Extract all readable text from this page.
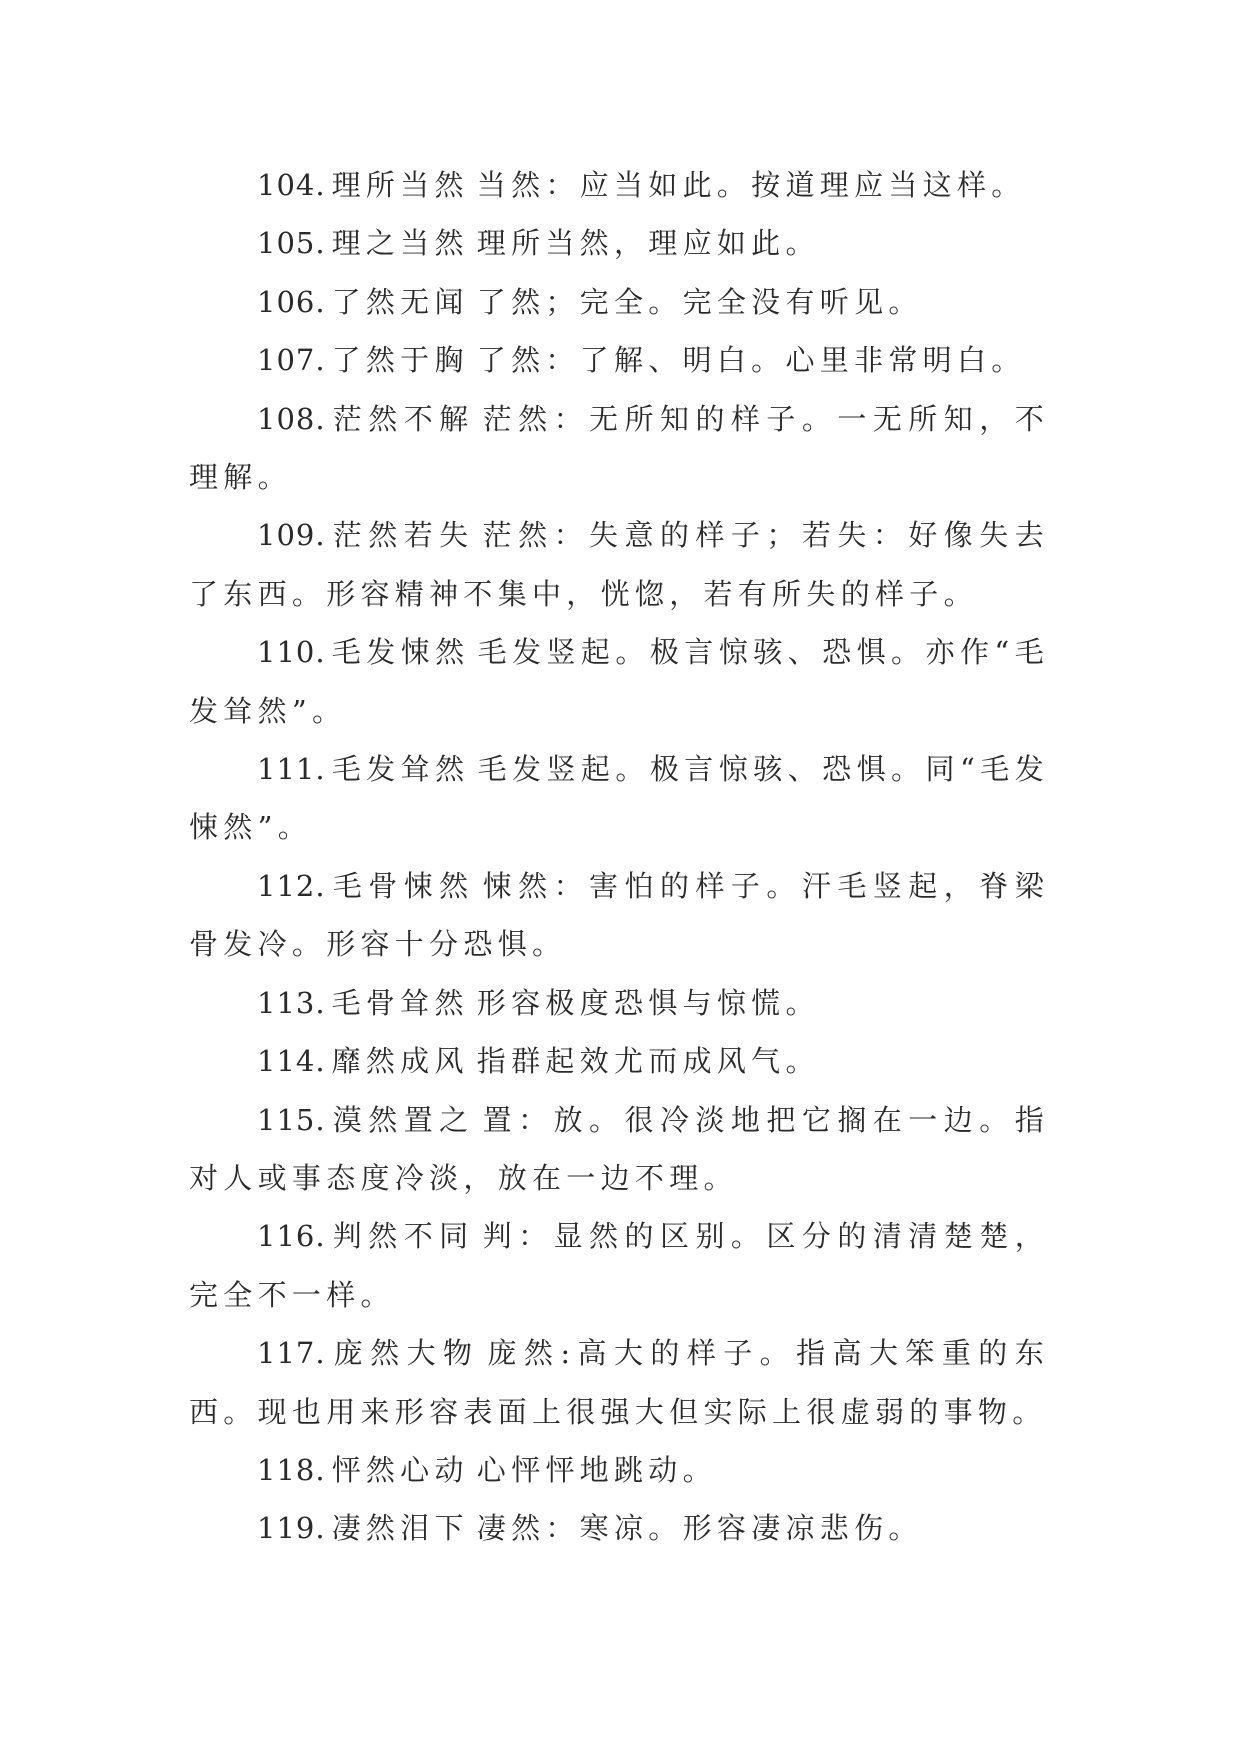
104. 理所当然 当然：应当如此。按道理应当这样。

105. 理之当然 理所当然，理应如此。

106. 了然无闻 了然；完全。完全没有听见。

107. 了然于胸 了然：了解、明白。心里非常明白。

108. 茫然不解 茫然：无所知的样子。一无所知，不理解。

109. 茫然若失 茫然：失意的样子；若失：好像失去了东西。形容精神不集中，恍惚，若有所失的样子。

110. 毛发悚然 毛发竖起。极言惊骇、恐惧。亦作“毛发耸然”。

111. 毛发耸然 毛发竖起。极言惊骇、恐惧。同“毛发悚然”。

112. 毛骨悚然 悚然：害怕的样子。汗毛竖起，脊梁骨发冷。形容十分恐惧。

113. 毛骨耸然 形容极度恐惧与惊慌。

114. 靡然成风 指群起效尤而成风气。

115. 漠然置之 置：放。很冷淡地把它搁在一边。指对人或事态度冷淡，放在一边不理。

116. 判然不同 判：显然的区别。区分的清清楚楚，完全不一样。

117. 庞然大物 庞然:高大的样子。指高大笨重的东西。现也用来形容表面上很强大但实际上很虚弱的事物。

118. 怦然心动 心怦怦地跳动。

119. 凄然泪下 凄然：寒凉。形容凄凉悲伤。
